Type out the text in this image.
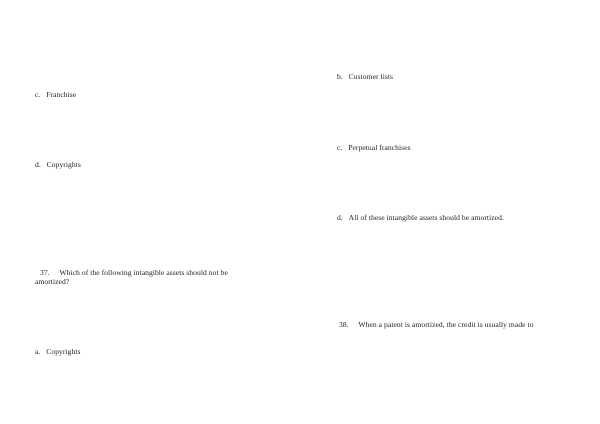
c. Franchise
d. Copyrights
37. Which of the following intangible assets should not be
amortized?
a. Copyrights
b. Customer lists
c. Perpetual franchises
d. All of these intangible assets should be amortized.
38. When a patent is amortized, the credit is usually made to
